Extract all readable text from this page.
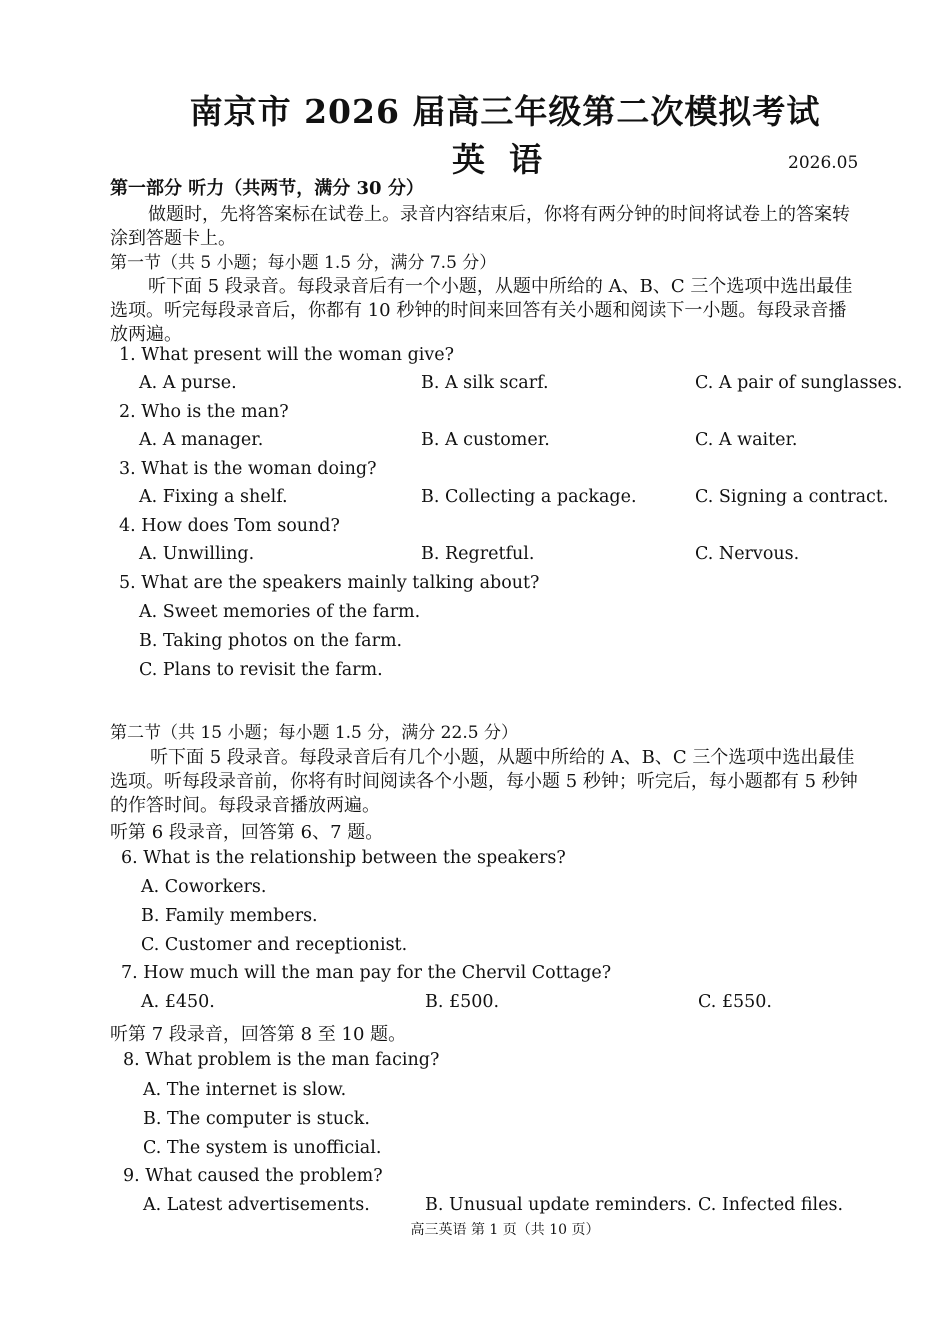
南京市 2026 届高三年级第二次模拟考试
英语	2026.05
第一部分 听力（共两节，满分 30 分）
做题时，先将答案标在试卷上。录音内容结束后，你将有两分钟的时间将试卷上的答案转
涂到答题卡上。
第一节（共 5 小题；每小题 1.5 分，满分 7.5 分）
听下面 5 段录音。每段录音后有一个小题，从题中所给的 A、B、C 三个选项中选出最佳
选项。听完每段录音后，你都有 10 秒钟的时间来回答有关小题和阅读下一小题。每段录音播
放两遍。
1. What present will the woman give?
A. A purse.	B. A silk scarf.	C. A pair of sunglasses.
2. Who is the man?
A. A manager.	B. A customer.	C. A waiter.
3. What is the woman doing?
A. Fixing a shelf.	B. Collecting a package.	C. Signing a contract.
4. How does Tom sound?
A. Unwilling.	B. Regretful.	C. Nervous.
5. What are the speakers mainly talking about?
A. Sweet memories of the farm.
B. Taking photos on the farm.
C. Plans to revisit the farm.
第二节（共 15 小题；每小题 1.5 分，满分 22.5 分）
听下面 5 段录音。每段录音后有几个小题，从题中所给的 A、B、C 三个选项中选出最佳
选项。听每段录音前，你将有时间阅读各个小题，每小题 5 秒钟；听完后，每小题都有 5 秒钟
的作答时间。每段录音播放两遍。
听第 6 段录音，回答第 6、7 题。
6. What is the relationship between the speakers?
A. Coworkers.
B. Family members.
C. Customer and receptionist.
7. How much will the man pay for the Chervil Cottage?
A. £450.	B. £500.	C. £550.
听第 7 段录音，回答第 8 至 10 题。
8. What problem is the man facing?
A. The internet is slow.
B. The computer is stuck.
C. The system is unofficial.
9. What caused the problem?
A. Latest advertisements.	B. Unusual update reminders. C. Infected files.
高三英语 第 1 页（共 10 页）
